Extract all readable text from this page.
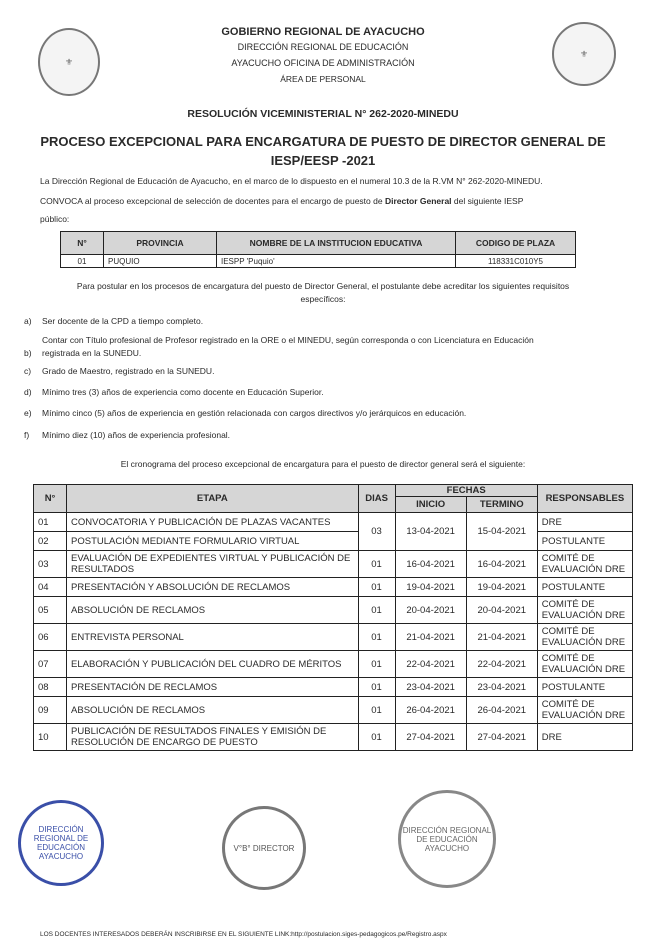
⚜
⚜
GOBIERNO REGIONAL DE AYACUCHO
DIRECCIÓN REGIONAL DE EDUCACIÓN
AYACUCHO OFICINA DE ADMINISTRACIÓN
ÁREA DE PERSONAL
RESOLUCIÓN VICEMINISTERIAL N° 262-2020-MINEDU
PROCESO EXCEPCIONAL PARA ENCARGATURA DE PUESTO DE DIRECTOR GENERAL DE
IESP/EESP -2021
La Dirección Regional de Educación de Ayacucho, en el marco de lo dispuesto en el numeral 10.3 de la R.VM N° 262-2020-MINEDU.
CONVOCA al proceso excepcional de selección de docentes para el encargo de puesto de Director General del siguiente IESP
público:
N°	PROVINCIA	NOMBRE DE LA INSTITUCION EDUCATIVA	CODIGO DE PLAZA
01	PUQUIO	IESPP 'Puquio'	118331C010Y5
Para postular en los procesos de encargatura del puesto de Director General, el postulante debe acreditar los siguientes requisitos
específicos:
a) Ser docente de la CPD a tiempo completo.
Contar con Título profesional de Profesor registrado en la ORE o el MINEDU, según corresponda o con Licenciatura en Educación
b) registrada en la SUNEDU.
c) Grado de Maestro, registrado en la SUNEDU.
d) Mínimo tres (3) años de experiencia como docente en Educación Superior.
e) Mínimo cinco (5) años de experiencia en gestión relacionada con cargos directivos y/o jerárquicos en educación.
f) Mínimo diez (10) años de experiencia profesional.
El cronograma del proceso excepcional de encargatura para el puesto de director general será el siguiente:
N°	ETAPA	DIAS	FECHAS		RESPONSABLES
			INICIO	TERMINO	
01	CONVOCATORIA Y PUBLICACIÓN DE PLAZAS VACANTES	03	13-04-2021	15-04-2021	DRE
02	POSTULACIÓN MEDIANTE FORMULARIO VIRTUAL				POSTULANTE
03	EVALUACIÓN DE EXPEDIENTES VIRTUAL Y PUBLICACIÓN DE RESULTADOS	01	16-04-2021	16-04-2021	COMITÉ DE EVALUACIÓN DRE
04	PRESENTACIÓN Y ABSOLUCIÓN DE RECLAMOS	01	19-04-2021	19-04-2021	POSTULANTE
05	ABSOLUCIÓN DE RECLAMOS	01	20-04-2021	20-04-2021	COMITÉ DE EVALUACIÓN DRE
06	ENTREVISTA PERSONAL	01	21-04-2021	21-04-2021	COMITÉ DE EVALUACIÓN DRE
07	ELABORACIÓN Y PUBLICACIÓN DEL CUADRO DE MÉRITOS	01	22-04-2021	22-04-2021	COMITÉ DE EVALUACIÓN DRE
08	PRESENTACIÓN DE RECLAMOS	01	23-04-2021	23-04-2021	POSTULANTE
09	ABSOLUCIÓN DE RECLAMOS	01	26-04-2021	26-04-2021	COMITÉ DE EVALUACIÓN DRE
10	PUBLICACIÓN DE RESULTADOS FINALES Y EMISIÓN DE RESOLUCIÓN DE ENCARGO DE PUESTO	01	27-04-2021	27-04-2021	DRE
DIRECCIÓN REGIONAL DE EDUCACIÓN AYACUCHO
V°B° DIRECTOR
DIRECCIÓN REGIONAL DE EDUCACIÓN AYACUCHO
LOS DOCENTES INTERESADOS DEBERÁN INSCRIBIRSE EN EL SIGUIENTE LINK:http://postulacion.siges-pedagogicos.pe/Registro.aspx
